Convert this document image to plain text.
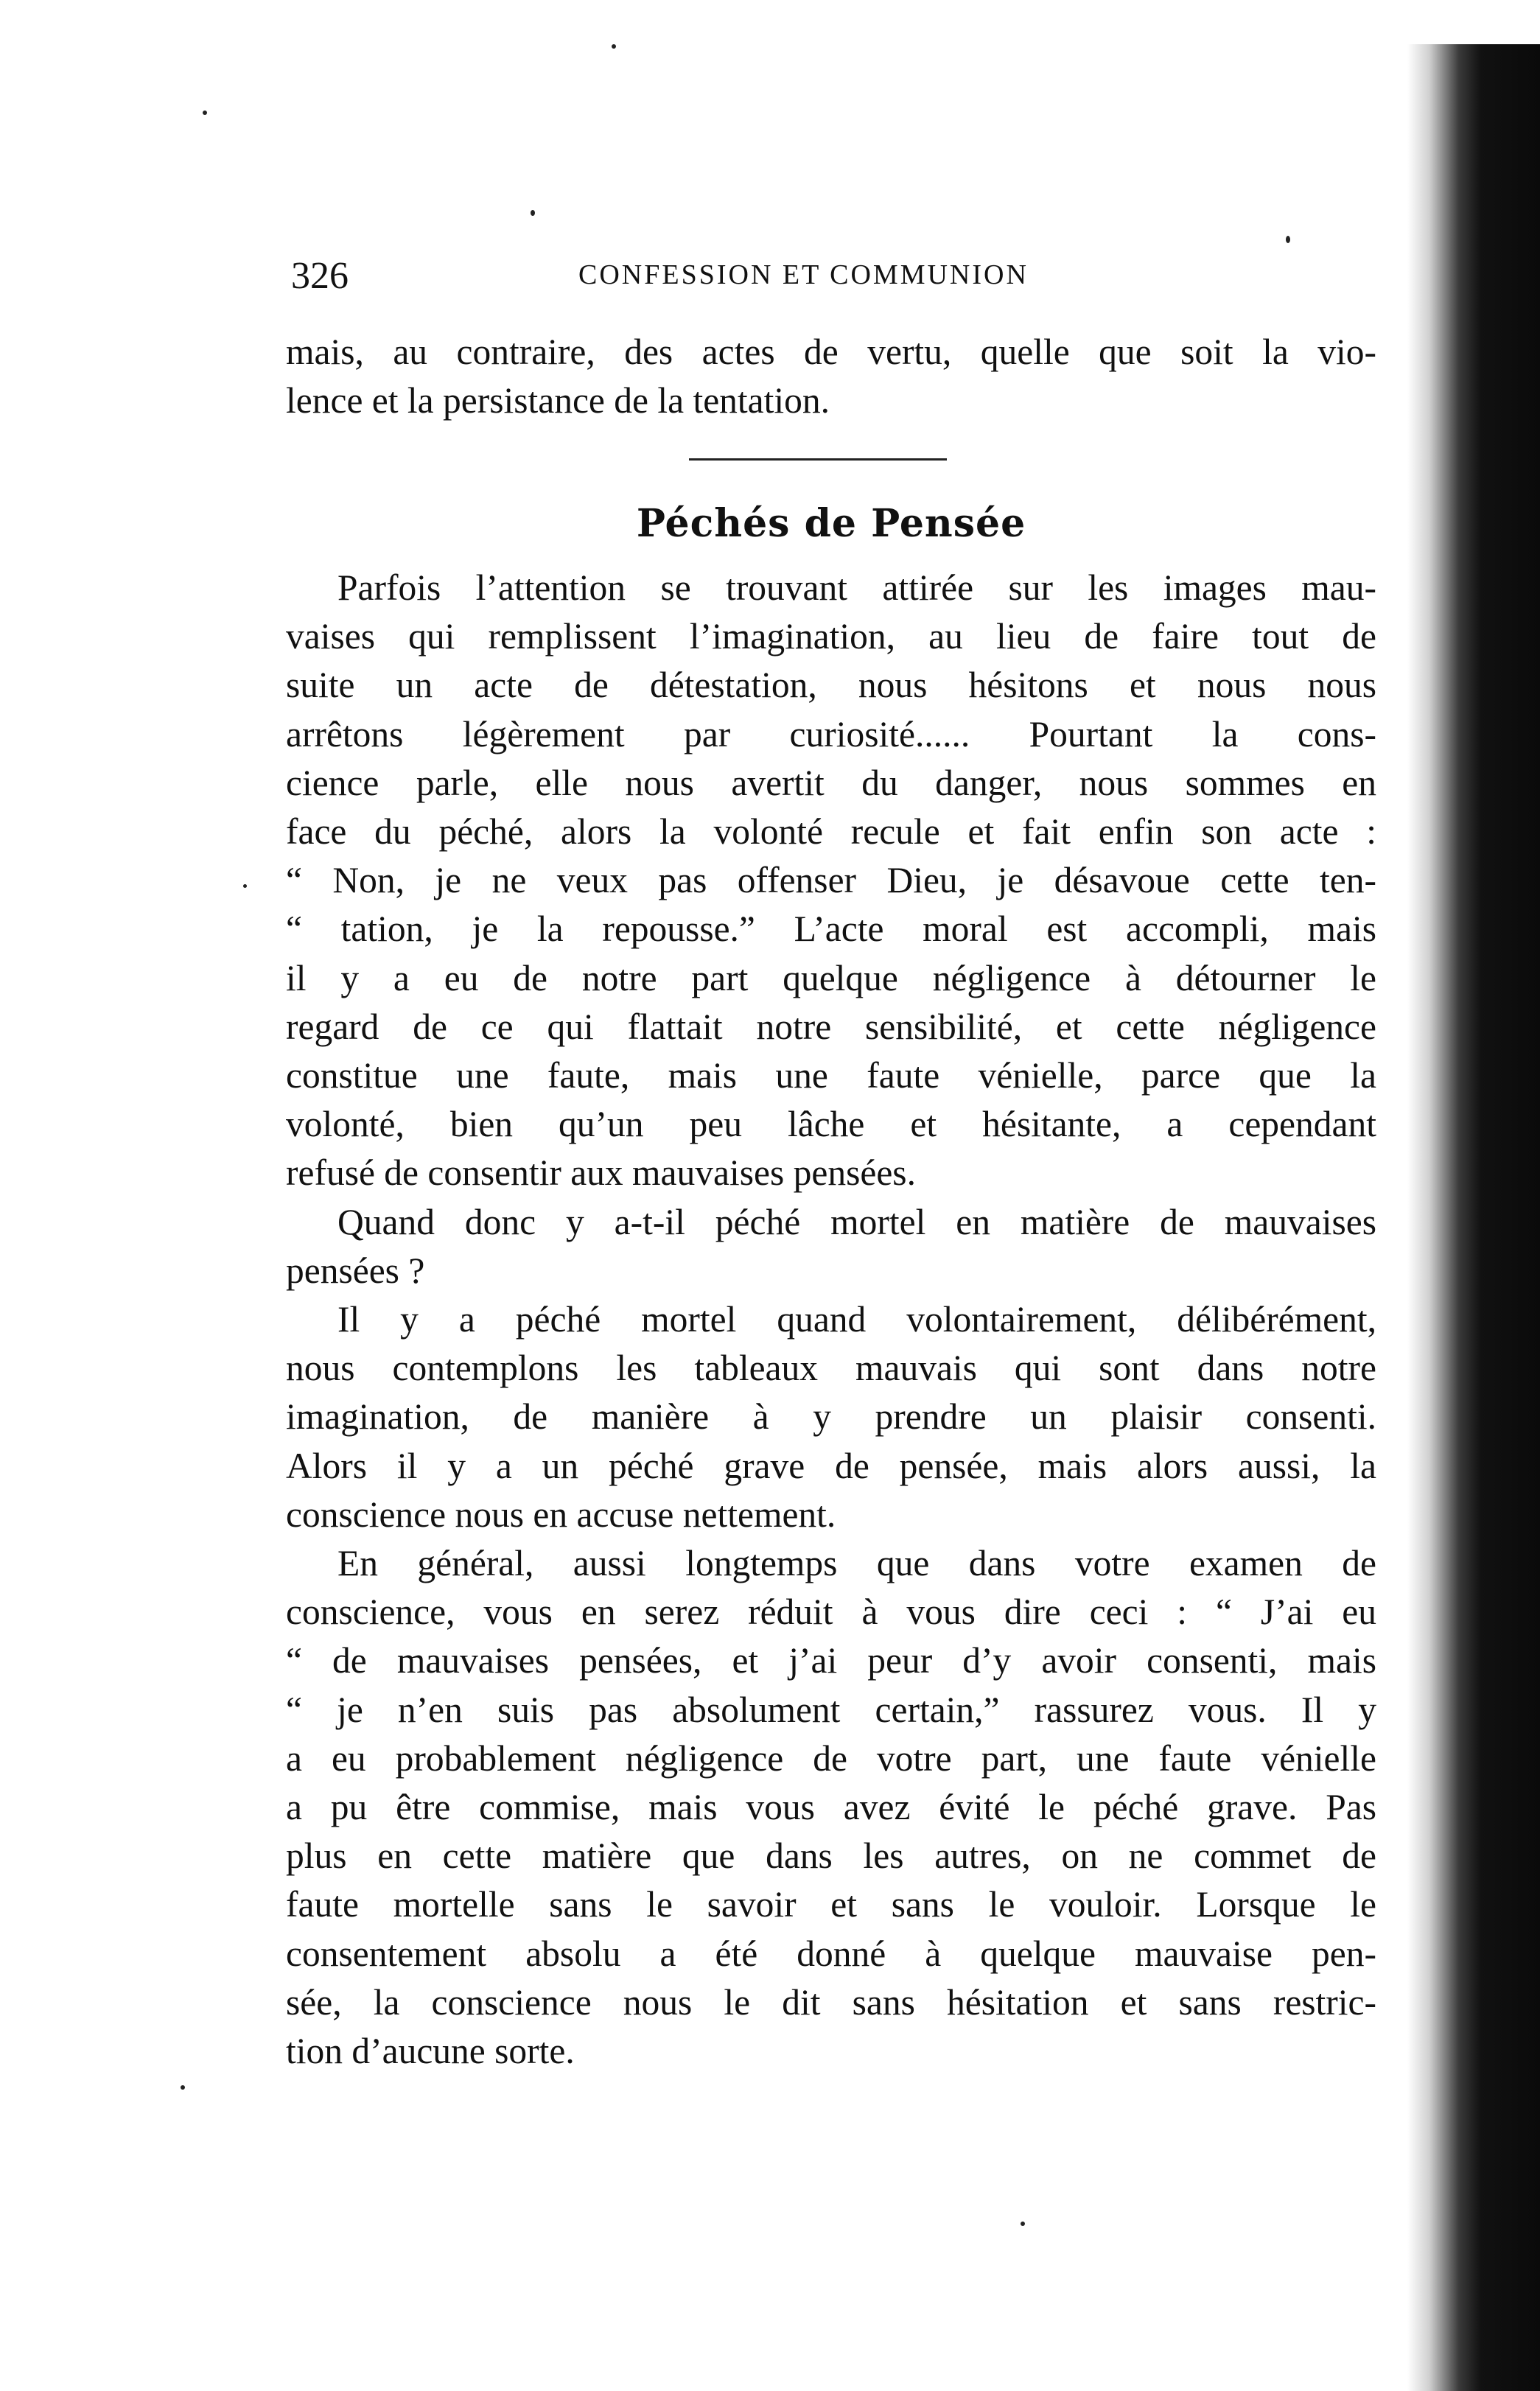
326	CONFESSION ET COMMUNION
mais, au contraire, des actes de vertu, quelle que soit la vio-
lence et la persistance de la tentation.
Péchés de Pensée
Parfois l’attention se trouvant attirée sur les images mau-
vaises qui remplissent l’imagination, au lieu de faire tout de
suite un acte de détestation, nous hésitons et nous nous
arrêtons légèrement par curiosité...... Pourtant la cons-
cience parle, elle nous avertit du danger, nous sommes en
face du péché, alors la volonté recule et fait enfin son acte :
“ Non, je ne veux pas offenser Dieu, je désavoue cette ten-
“ tation, je la repousse.” L’acte moral est accompli, mais
il y a eu de notre part quelque négligence à détourner le
regard de ce qui flattait notre sensibilité, et cette négligence
constitue une faute, mais une faute vénielle, parce que la
volonté, bien qu’un peu lâche et hésitante, a cependant
refusé de consentir aux mauvaises pensées.
Quand donc y a-t-il péché mortel en matière de mauvaises
pensées ?
Il y a péché mortel quand volontairement, délibérément,
nous contemplons les tableaux mauvais qui sont dans notre
imagination, de manière à y prendre un plaisir consenti.
Alors il y a un péché grave de pensée, mais alors aussi, la
conscience nous en accuse nettement.
En général, aussi longtemps que dans votre examen de
conscience, vous en serez réduit à vous dire ceci : “ J’ai eu
“ de mauvaises pensées, et j’ai peur d’y avoir consenti, mais
“ je n’en suis pas absolument certain,” rassurez vous. Il y
a eu probablement négligence de votre part, une faute vénielle
a pu être commise, mais vous avez évité le péché grave. Pas
plus en cette matière que dans les autres, on ne commet de
faute mortelle sans le savoir et sans le vouloir. Lorsque le
consentement absolu a été donné à quelque mauvaise pen-
sée, la conscience nous le dit sans hésitation et sans restric-
tion d’aucune sorte.
